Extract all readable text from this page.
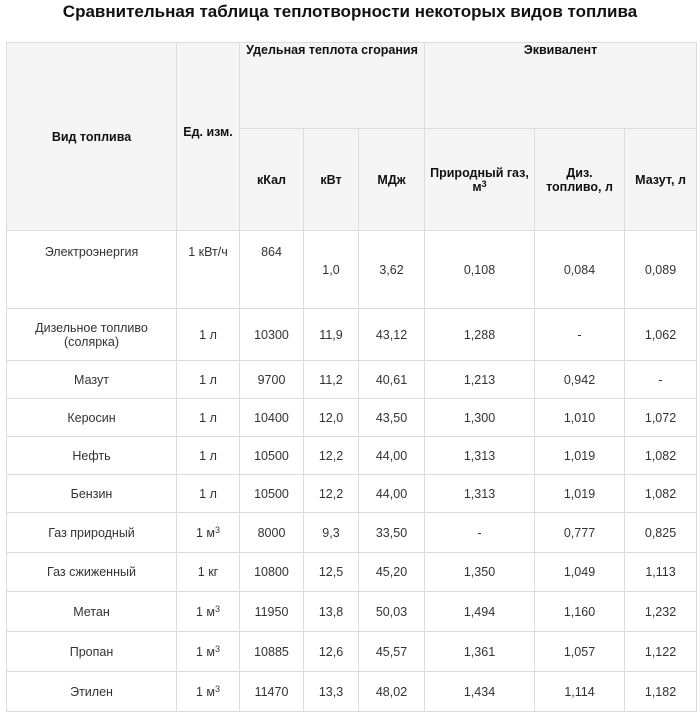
Сравнительная таблица теплотворности некоторых видов топлива
Вид топлива	Ед. изм.	Удельная теплота сгорания			Эквивалент		
		кКал	кВт	МДж	Природный газ, $м^3$	Диз. топливо, л	Мазут, л
Электроэнергия	1 кВт/ч	864	1,0	3,62	0,108	0,084	0,089
Дизельное топливо (солярка)	1 л	10300	11,9	43,12	1,288	-	1,062
Мазут	1 л	9700	11,2	40,61	1,213	0,942	-
Керосин	1 л	10400	12,0	43,50	1,300	1,010	1,072
Нефть	1 л	10500	12,2	44,00	1,313	1,019	1,082
Бензин	1 л	10500	12,2	44,00	1,313	1,019	1,082
Газ природный	1 $м^3$	8000	9,3	33,50	-	0,777	0,825
Газ сжиженный	1 кг	10800	12,5	45,20	1,350	1,049	1,113
Метан	1 $м^3$	11950	13,8	50,03	1,494	1,160	1,232
Пропан	1 $м^3$	10885	12,6	45,57	1,361	1,057	1,122
Этилен	1 $м^3$	11470	13,3	48,02	1,434	1,114	1,182
